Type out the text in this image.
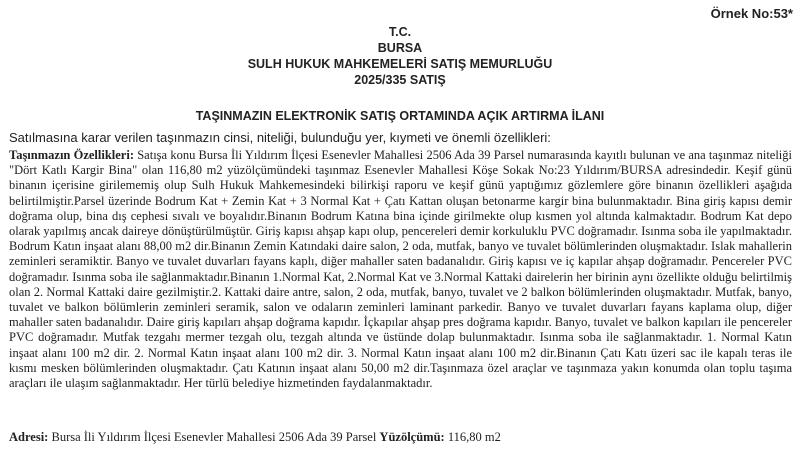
Örnek No:53*

T.C.
BURSA
SULH HUKUK MAHKEMELERİ SATIŞ MEMURLUĞU
2025/335 SATIŞ

TAŞINMAZIN ELEKTRONİK SATIŞ ORTAMINDA AÇIK ARTIRMA İLANI

Satılmasına karar verilen taşınmazın cinsi, niteliği, bulunduğu yer, kıymeti ve önemli özellikleri:

Taşınmazın Özellikleri: Satışa konu Bursa İli Yıldırım İlçesi Esenevler Mahallesi 2506 Ada 39 Parsel numarasında kayıtlı bulunan ve ana taşınmaz niteliği "Dört Katlı Kargir Bina" olan 116,80 m2 yüzölçümündeki taşınmaz Esenevler Mahallesi Köşe Sokak No:23 Yıldırım/BURSA adresindedir. Keşif günü binanın içerisine girilememiş olup Sulh Hukuk Mahkemesindeki bilirkişi raporu ve keşif günü yaptığımız gözlemlere göre binanın özellikleri aşağıda belirtilmiştir.Parsel üzerinde Bodrum Kat + Zemin Kat + 3 Normal Kat + Çatı Kattan oluşan betonarme kargir bina bulunmaktadır. Bina giriş kapısı demir doğrama olup, bina dış cephesi sıvalı ve boyalıdır.Binanın Bodrum Katına bina içinde girilmekte olup kısmen yol altında kalmaktadır. Bodrum Kat depo olarak yapılmış ancak daireye dönüştürülmüştür. Giriş kapısı ahşap kapı olup, pencereleri demir korkuluklu PVC doğramadır. Isınma soba ile yapılmaktadır. Bodrum Katın inşaat alanı 88,00 m2 dir.Binanın Zemin Katındaki daire salon, 2 oda, mutfak, banyo ve tuvalet bölümlerinden oluşmaktadır. Islak mahallerin zeminleri seramiktir. Banyo ve tuvalet duvarları fayans kaplı, diğer mahaller saten badanalıdır. Giriş kapısı ve iç kapılar ahşap doğramadır. Pencereler PVC doğramadır. Isınma soba ile sağlanmaktadır.Binanın 1.Normal Kat, 2.Normal Kat ve 3.Normal Kattaki dairelerin her birinin aynı özellikte olduğu belirtilmiş olan 2. Normal Kattaki daire gezilmiştir.2. Kattaki daire antre, salon, 2 oda, mutfak, banyo, tuvalet ve 2 balkon bölümlerinden oluşmaktadır. Mutfak, banyo, tuvalet ve balkon bölümlerin zeminleri seramik, salon ve odaların zeminleri laminant parkedir. Banyo ve tuvalet duvarları fayans kaplama olup, diğer mahaller saten badanalıdır. Daire giriş kapıları ahşap doğrama kapıdır. İçkapılar ahşap pres doğrama kapıdır. Banyo, tuvalet ve balkon kapıları ile pencereler PVC doğramadır. Mutfak tezgahı mermer tezgah olu, tezgah altında ve üstünde dolap bulunmaktadır. Isınma soba ile sağlanmaktadır. 1. Normal Katın inşaat alanı 100 m2 dir. 2. Normal Katın inşaat alanı 100 m2 dir. 3. Normal Katın inşaat alanı 100 m2 dir.Binanın Çatı Katı üzeri sac ile kapalı teras ile kısmı mesken bölümlerinden oluşmaktadır. Çatı Katının inşaat alanı 50,00 m2 dir.Taşınmaza özel araçlar ve taşınmaza yakın konumda olan toplu taşıma araçları ile ulaşım sağlanmaktadır. Her türlü belediye hizmetinden faydalanmaktadır.

Adresi: Bursa İli Yıldırım İlçesi Esenevler Mahallesi 2506 Ada 39 Parsel Yüzölçümü: 116,80 m2
